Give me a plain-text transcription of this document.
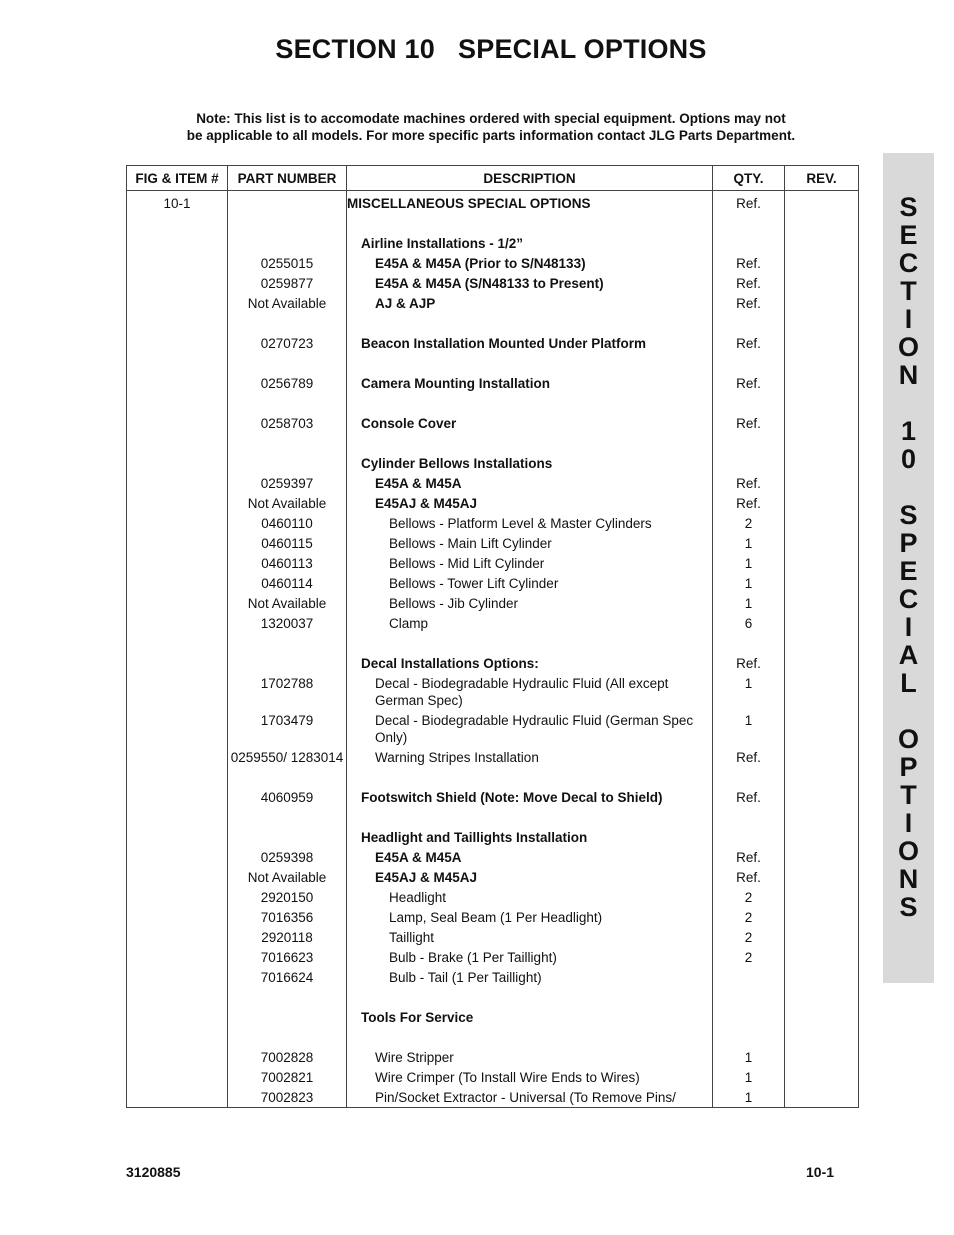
SECTION 10   SPECIAL OPTIONS
Note: This list is to accomodate machines ordered with special equipment. Options may not
be applicable to all models. For more specific parts information contact JLG Parts Department.
S
E
C
T
I
O
N
1
0
S
P
E
C
I
A
L
O
P
T
I
O
N
S
FIG & ITEM #	PART NUMBER	DESCRIPTION	QTY.	REV.
10-1		MISCELLANEOUS SPECIAL OPTIONS	Ref.	

		Airline Installations - 1/2”		

	0255015	E45A & M45A (Prior to S/N48133)	Ref.	
	0259877	E45A & M45A (S/N48133 to Present)	Ref.	
	Not Available	AJ & AJP	Ref.	

	0270723	Beacon Installation Mounted Under Platform	Ref.	

	0256789	Camera Mounting Installation	Ref.	

	0258703	Console Cover	Ref.	

		Cylinder Bellows Installations		

	0259397	E45A & M45A	Ref.	
	Not Available	E45AJ & M45AJ	Ref.	
	0460110	Bellows - Platform Level & Master Cylinders	2	
	0460115	Bellows - Main Lift Cylinder	1	
	0460113	Bellows - Mid Lift Cylinder	1	
	0460114	Bellows - Tower Lift Cylinder	1	
	Not Available	Bellows - Jib Cylinder	1	
	1320037	Clamp	6	

		Decal Installations Options:	Ref.	
	1702788	Decal - Biodegradable Hydraulic Fluid (All except German Spec)	1	
	1703479	Decal - Biodegradable Hydraulic Fluid (German Spec Only)	1	
	0259550/ 1283014	Warning Stripes Installation	Ref.	

	4060959	Footswitch Shield (Note: Move Decal to Shield)	Ref.	

		Headlight and Taillights Installation		

	0259398	E45A & M45A	Ref.	
	Not Available	E45AJ & M45AJ	Ref.	
	2920150	Headlight	2	
	7016356	Lamp, Seal Beam (1 Per Headlight)	2	
	2920118	Taillight	2	
	7016623	Bulb - Brake (1 Per Taillight)	2	
	7016624	Bulb - Tail (1 Per Taillight)		

		Tools For Service		

	7002828	Wire Stripper	1	
	7002821	Wire Crimper (To Install Wire Ends to Wires)	1	
	7002823	Pin/Socket Extractor - Universal (To Remove Pins/	1	
3120885	10-1
